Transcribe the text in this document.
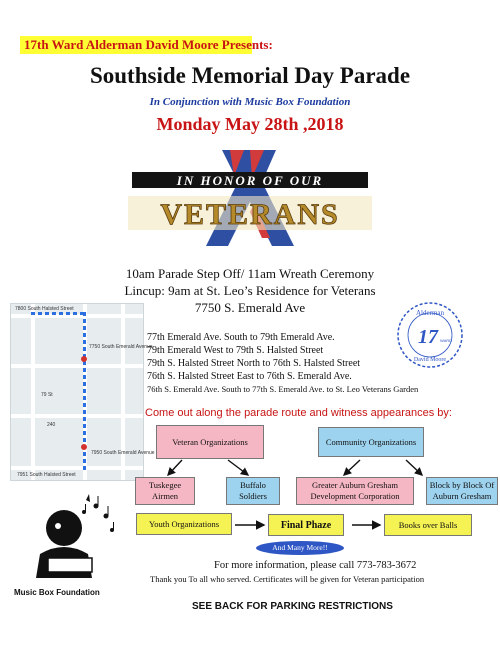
17th Ward Alderman David Moore Presents:
Southside Memorial Day Parade
In Conjunction with Music Box Foundation
Monday May 28th ,2018
IN HONOR OF OUR
VETERANS
10am Parade Step Off/ 11am Wreath Ceremony
Lincup: 9am at St. Leo’s Residence for Veterans
7750 S. Emerald Ave
7800 South Halsted Street
7750 South Emerald Avenue
79 St
240
7950 South Emerald Avenue
7951 South Halsted Street
Alderman
17 WARD
David Moore
77th Emerald Ave. South to 79th Emerald Ave.
79th Emerald West to 79th S. Halsted Street
79th S. Halsted Street North to 76th S. Halsted Street
76th S. Halsted Street East to 76th S. Emerald Ave.
76th S. Emerald Ave. South to 77th S. Emerald Ave. to St. Leo Veterans Garden
Come out along the parade route and witness appearances by:
Veteran Organizations	Community Organizations
Tuskegee Airmen
Buffalo Soldiers
Greater Auburn Gresham Development Corporation
Block by Block Of Auburn Gresham
Youth Organizations	Final Phaze	Books over Balls
And Many More!!
Music Box Foundation
For more information, please call 773-783-3672
Thank you To all who served. Certificates will be given for Veteran participation
SEE BACK FOR PARKING RESTRICTIONS
